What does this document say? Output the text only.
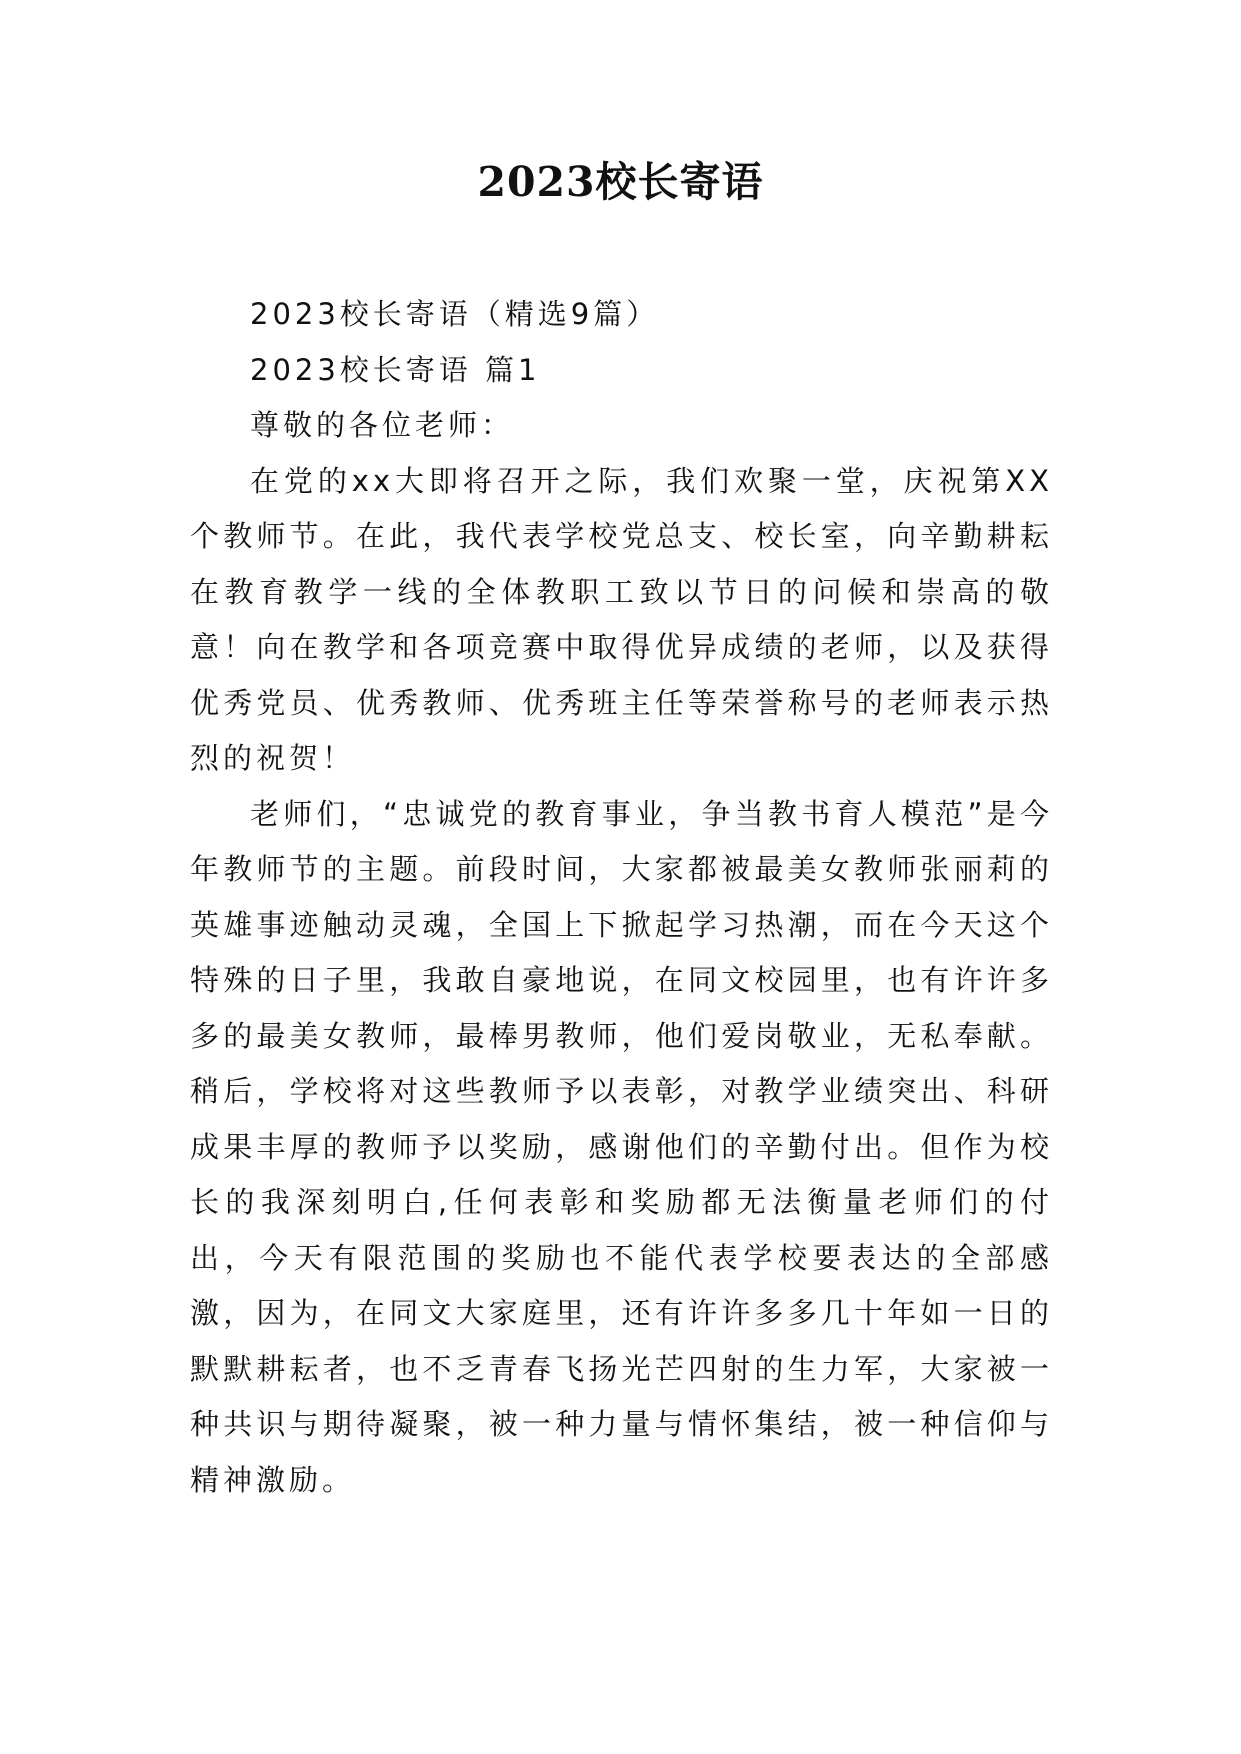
2023校长寄语

2023校长寄语（精选9篇）

2023校长寄语 篇1

尊敬的各位老师：

在党的xx大即将召开之际，我们欢聚一堂，庆祝第XX个教师节。在此，我代表学校党总支、校长室，向辛勤耕耘在教育教学一线的全体教职工致以节日的问候和崇高的敬意！向在教学和各项竞赛中取得优异成绩的老师，以及获得优秀党员、优秀教师、优秀班主任等荣誉称号的老师表示热烈的祝贺！

老师们，“忠诚党的教育事业，争当教书育人模范”是今年教师节的主题。前段时间，大家都被最美女教师张丽莉的英雄事迹触动灵魂，全国上下掀起学习热潮，而在今天这个特殊的日子里，我敢自豪地说，在同文校园里，也有许许多多的最美女教师，最棒男教师，他们爱岗敬业，无私奉献。稍后，学校将对这些教师予以表彰，对教学业绩突出、科研成果丰厚的教师予以奖励，感谢他们的辛勤付出。但作为校长的我深刻明白,任何表彰和奖励都无法衡量老师们的付出，今天有限范围的奖励也不能代表学校要表达的全部感激，因为，在同文大家庭里，还有许许多多几十年如一日的默默耕耘者，也不乏青春飞扬光芒四射的生力军，大家被一种共识与期待凝聚，被一种力量与情怀集结，被一种信仰与精神激励。
